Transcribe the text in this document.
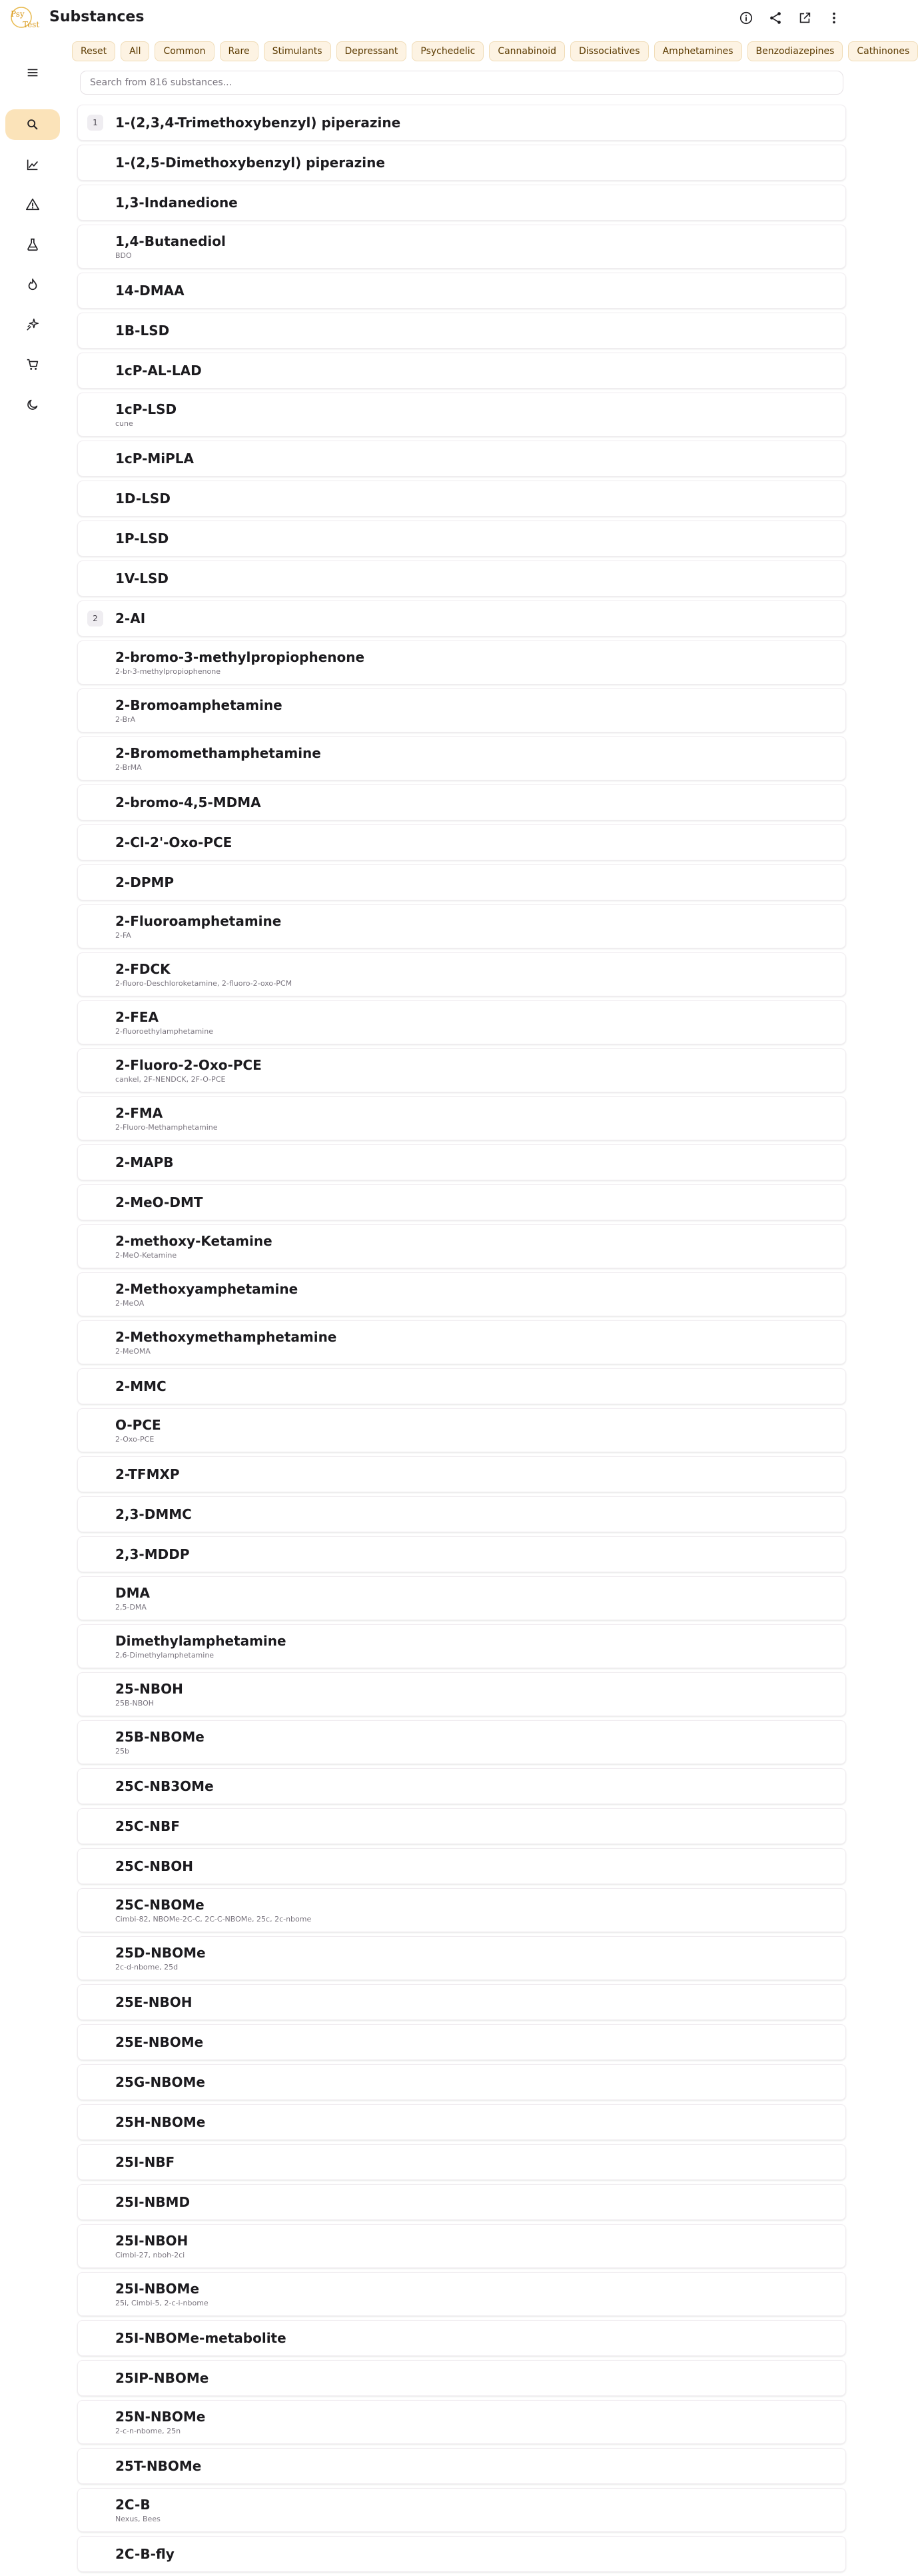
Psy
Test Substances
Reset	All	Common	Rare	Stimulants	Depressant	Psychedelic	Cannabinoid	Dissociatives	Amphetamines	Benzodiazepines	Cathinones
Search from 816 substances...
1	1-(2,3,4-Trimethoxybenzyl) piperazine
1-(2,5-Dimethoxybenzyl) piperazine
1,3-Indanedione
1,4-Butanediol
BDO
14-DMAA
1B-LSD
1cP-AL-LAD
1cP-LSD
cune
1cP-MiPLA
1D-LSD
1P-LSD
1V-LSD
2	2-AI
2-bromo-3-methylpropiophenone
2-br-3-methylpropiophenone
2-Bromoamphetamine
2-BrA
2-Bromomethamphetamine
2-BrMA
2-bromo-4,5-MDMA
2-Cl-2'-Oxo-PCE
2-DPMP
2-Fluoroamphetamine
2-FA
2-FDCK
2-fluoro-Deschloroketamine, 2-fluoro-2-oxo-PCM
2-FEA
2-fluoroethylamphetamine
2-Fluoro-2-Oxo-PCE
cankel, 2F-NENDCK, 2F-O-PCE
2-FMA
2-Fluoro-Methamphetamine
2-MAPB
2-MeO-DMT
2-methoxy-Ketamine
2-MeO-Ketamine
2-Methoxyamphetamine
2-MeOA
2-Methoxymethamphetamine
2-MeOMA
2-MMC
O-PCE
2-Oxo-PCE
2-TFMXP
2,3-DMMC
2,3-MDDP
DMA
2,5-DMA
Dimethylamphetamine
2,6-Dimethylamphetamine
25-NBOH
25B-NBOH
25B-NBOMe
25b
25C-NB3OMe
25C-NBF
25C-NBOH
25C-NBOMe
Cimbi-82, NBOMe-2C-C, 2C-C-NBOMe, 25c, 2c-nbome
25D-NBOMe
2c-d-nbome, 25d
25E-NBOH
25E-NBOMe
25G-NBOMe
25H-NBOMe
25I-NBF
25I-NBMD
25I-NBOH
Cimbi-27, nboh-2ci
25I-NBOMe
25i, Cimbi-5, 2-c-i-nbome
25I-NBOMe-metabolite
25IP-NBOMe
25N-NBOMe
2-c-n-nbome, 25n
25T-NBOMe
2C-B
Nexus, Bees
2C-B-fly
